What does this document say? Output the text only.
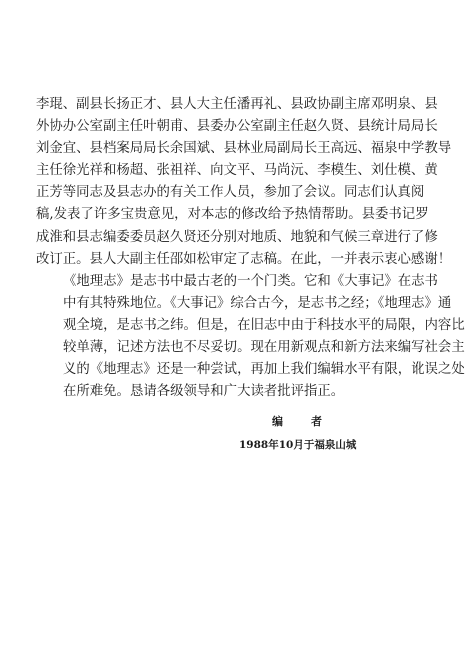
李琨、副县长扬正才、县人大主任潘再礼、县政协副主席邓明泉、县
外协办公室副主任叶朝甫、县委办公室副主任赵久贤、县统计局局长
刘金宜、县档案局局长余国斌、县林业局副局长王高远、福泉中学教导
主任徐光祥和杨超、张祖祥、向文平、马尚沅、李模生、刘仕模、黄
正芳等同志及县志办的有关工作人员，参加了会议。同志们认真阅
稿,发表了许多宝贵意见，对本志的修改给予热情帮助。县委书记罗
成淮和县志编委委员赵久贤还分别对地质、地貌和气候三章进行了修
改订正。县人大副主任邵如松审定了志稿。在此，一并表示衷心感谢！
《地理志》是志书中最古老的一个门类。它和《大事记》在志书
中有其特殊地位。《大事记》综合古今，是志书之经；《地理志》通
观全境，是志书之纬。但是，在旧志中由于科技水平的局限，内容比
较单薄，记述方法也不尽妥切。现在用新观点和新方法来编写社会主
义的《地理志》还是一种尝试，再加上我们编辑水平有限，讹误之处
在所难免。恳请各级领导和广大读者批评指正。
编者
1988年10月于福泉山城
